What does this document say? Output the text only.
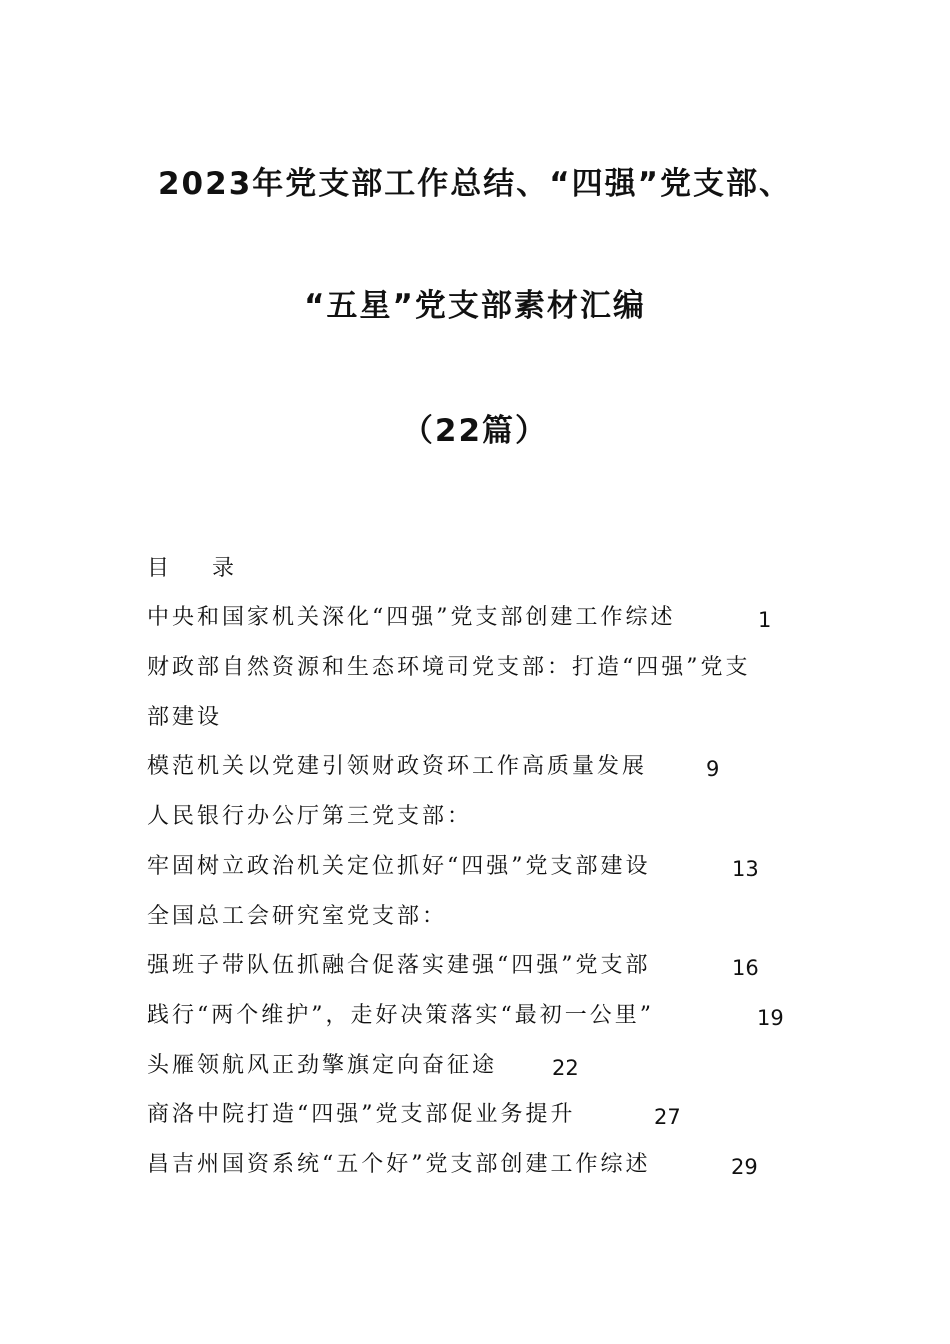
2023年党支部工作总结、“四强”党支部、
“五星”党支部素材汇编
（22篇）
目    录
中央和国家机关深化“四强”党支部创建工作综述	1
财政部自然资源和生态环境司党支部：打造“四强”党支
部建设
模范机关以党建引领财政资环工作高质量发展	9
人民银行办公厅第三党支部：
牢固树立政治机关定位抓好“四强”党支部建设	13
全国总工会研究室党支部：
强班子带队伍抓融合促落实建强“四强”党支部	16
践行“两个维护”，走好决策落实“最初一公里”	19
头雁领航风正劲擎旗定向奋征途	22
商洛中院打造“四强”党支部促业务提升	27
昌吉州国资系统“五个好”党支部创建工作综述	29
